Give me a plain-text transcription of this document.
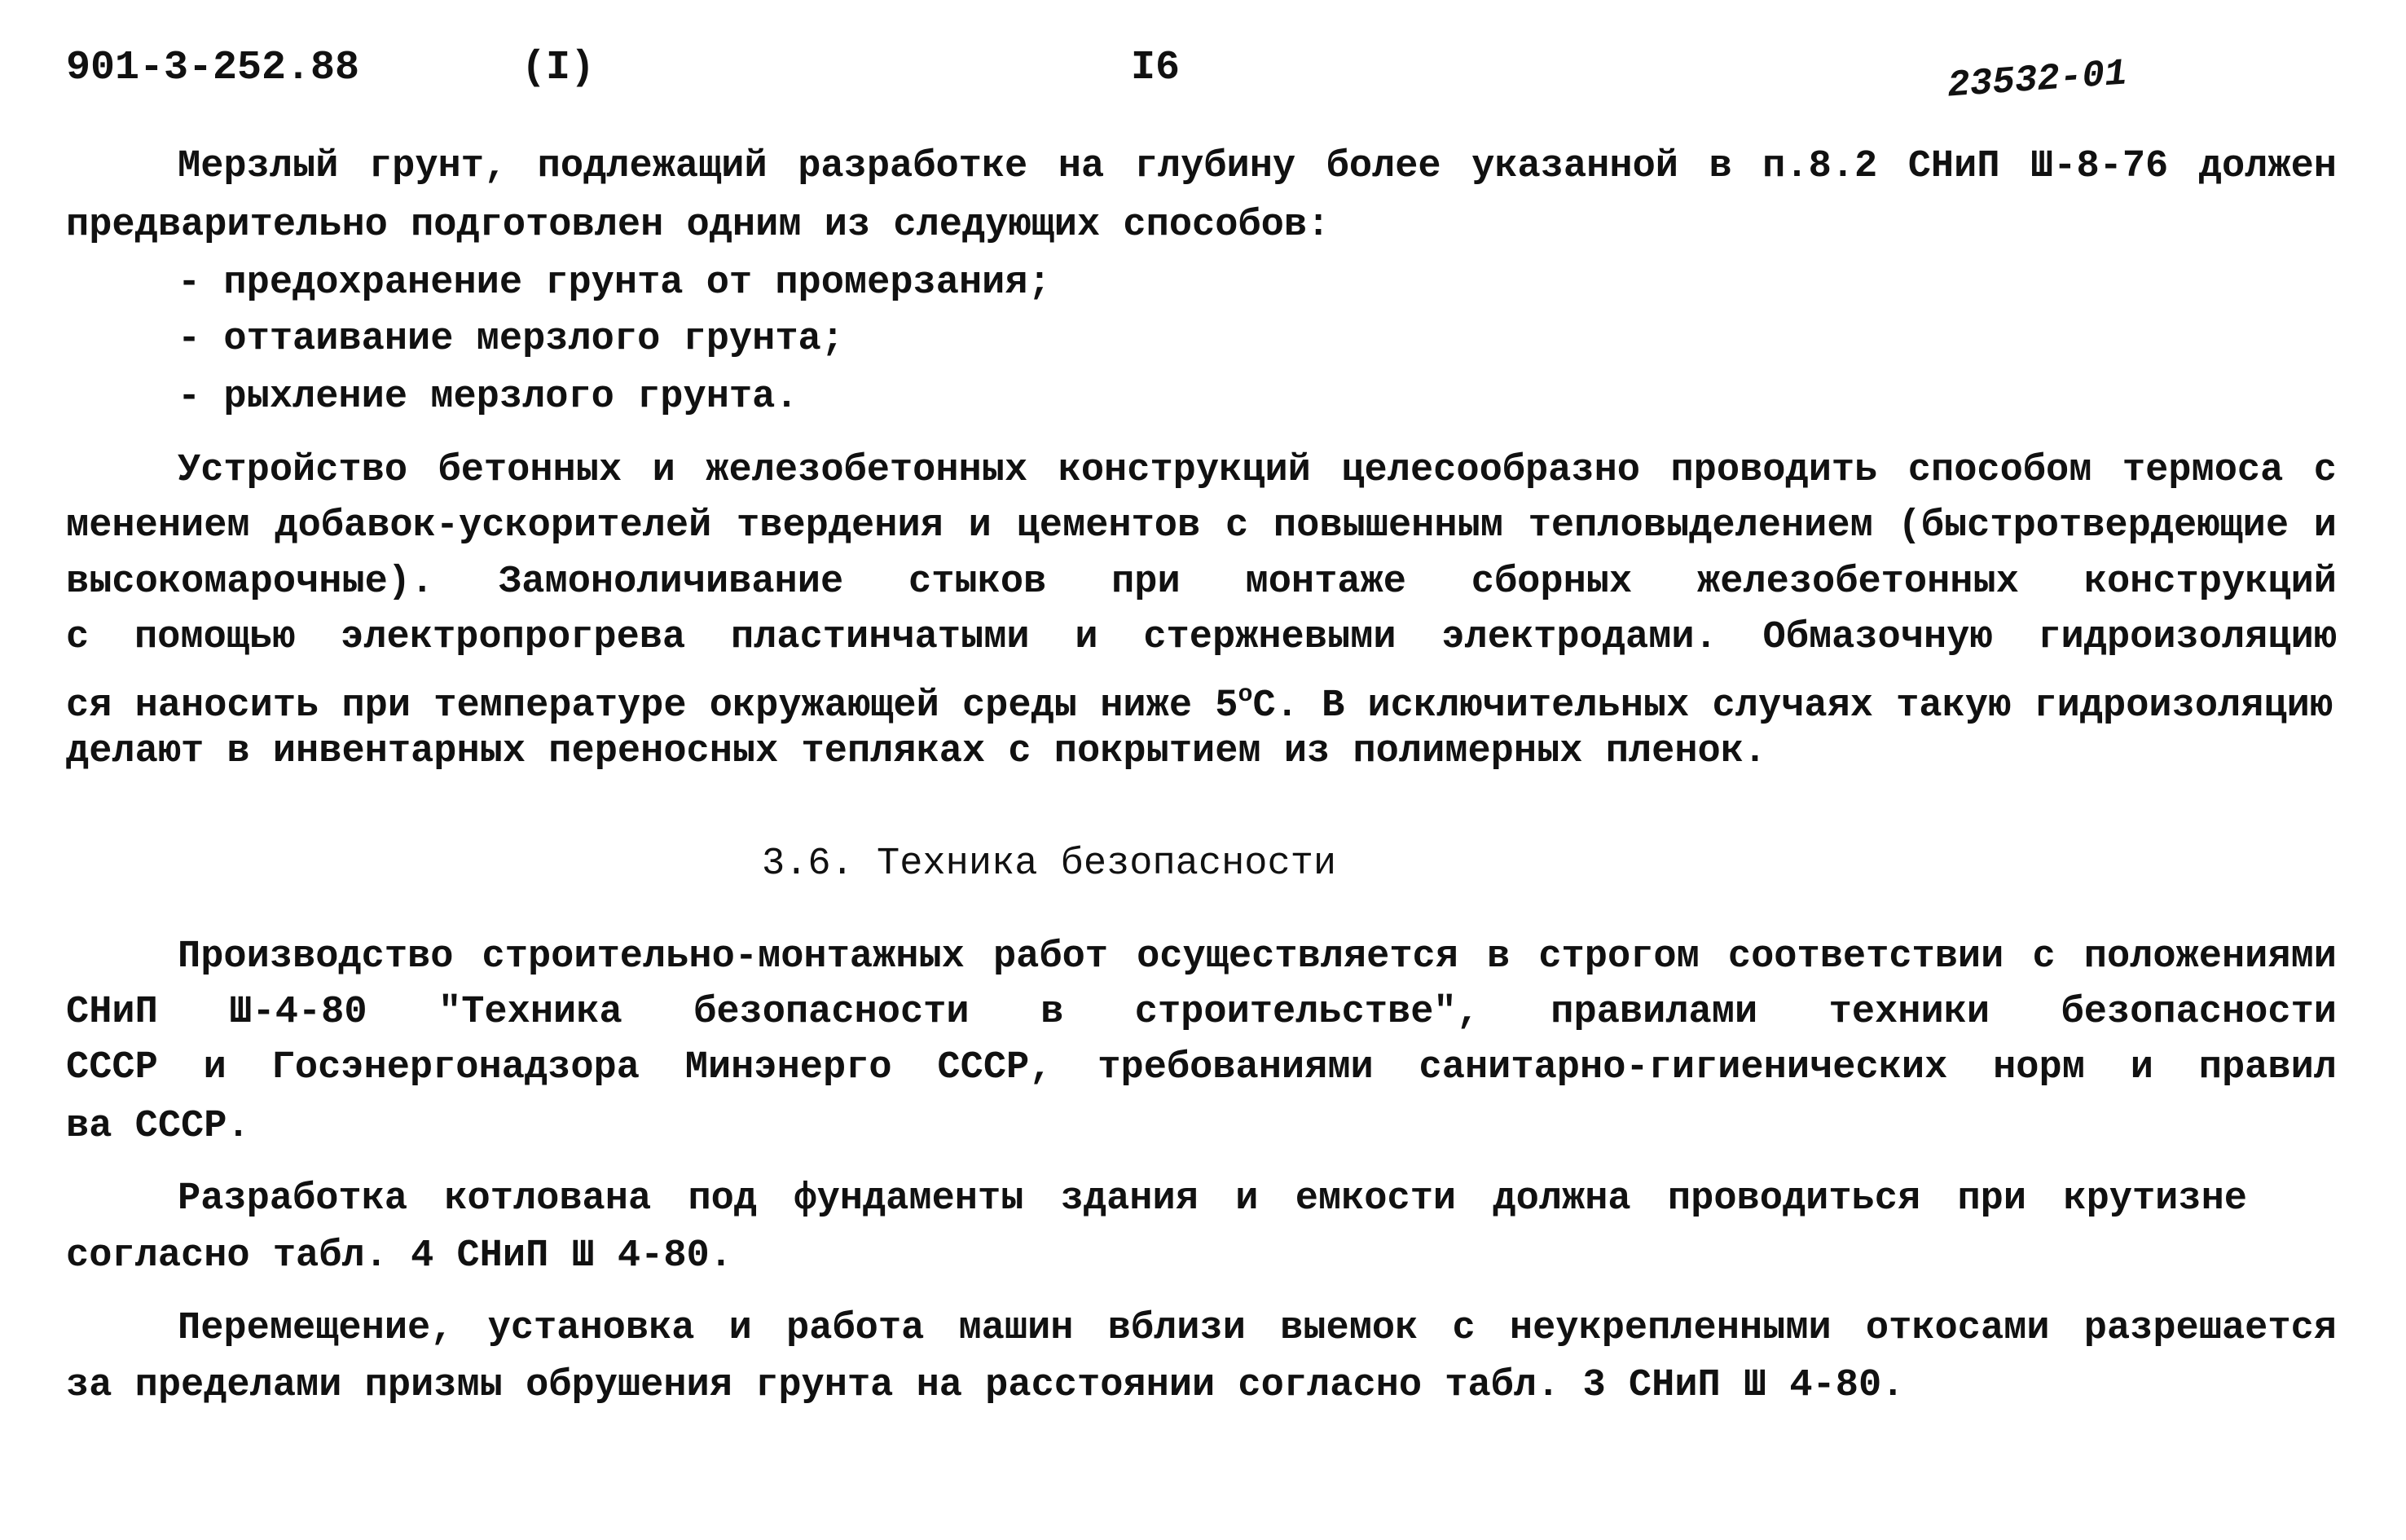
901-3-252.88	(I)	I6	23532-01
Мерзлый грунт, подлежащий разработке на глубину более указанной в п.8.2 СНиП Ш-8-76 должен
предварительно подготовлен одним из следующих способов:
- предохранение грунта от промерзания;
- оттаивание мерзлого грунта;
- рыхление мерзлого грунта.
Устройство бетонных и железобетонных конструкций целесообразно проводить способом термоса с
менением добавок-ускорителей твердения и цементов с повышенным тепловыделением (быстротвердеющие и
высокомарочные). Замоноличивание стыков при монтаже сборных железобетонных конструкций
с помощью электропрогрева пластинчатыми и стержневыми электродами. Обмазочную гидроизоляцию
ся наносить при температуре окружающей среды ниже $5^оС$. В исключительных случаях такую гидроизоляцию
делают в инвентарных переносных тепляках с покрытием из полимерных пленок.
3.6. Техника безопасности
Производство строительно-монтажных работ осуществляется в строгом соответствии с положениями
СНиП Ш-4-80 "Техника безопасности в строительстве", правилами техники безопасности
СССР и Госэнергонадзора Минэнерго СССР, требованиями санитарно-гигиенических норм и правил
ва СССР.
Разработка котлована под фундаменты здания и емкости должна проводиться при крутизне
согласно табл. 4 СНиП Ш 4-80.
Перемещение, установка и работа машин вблизи выемок с неукрепленными откосами разрешается
за пределами призмы обрушения грунта на расстоянии согласно табл. 3 СНиП Ш 4-80.
